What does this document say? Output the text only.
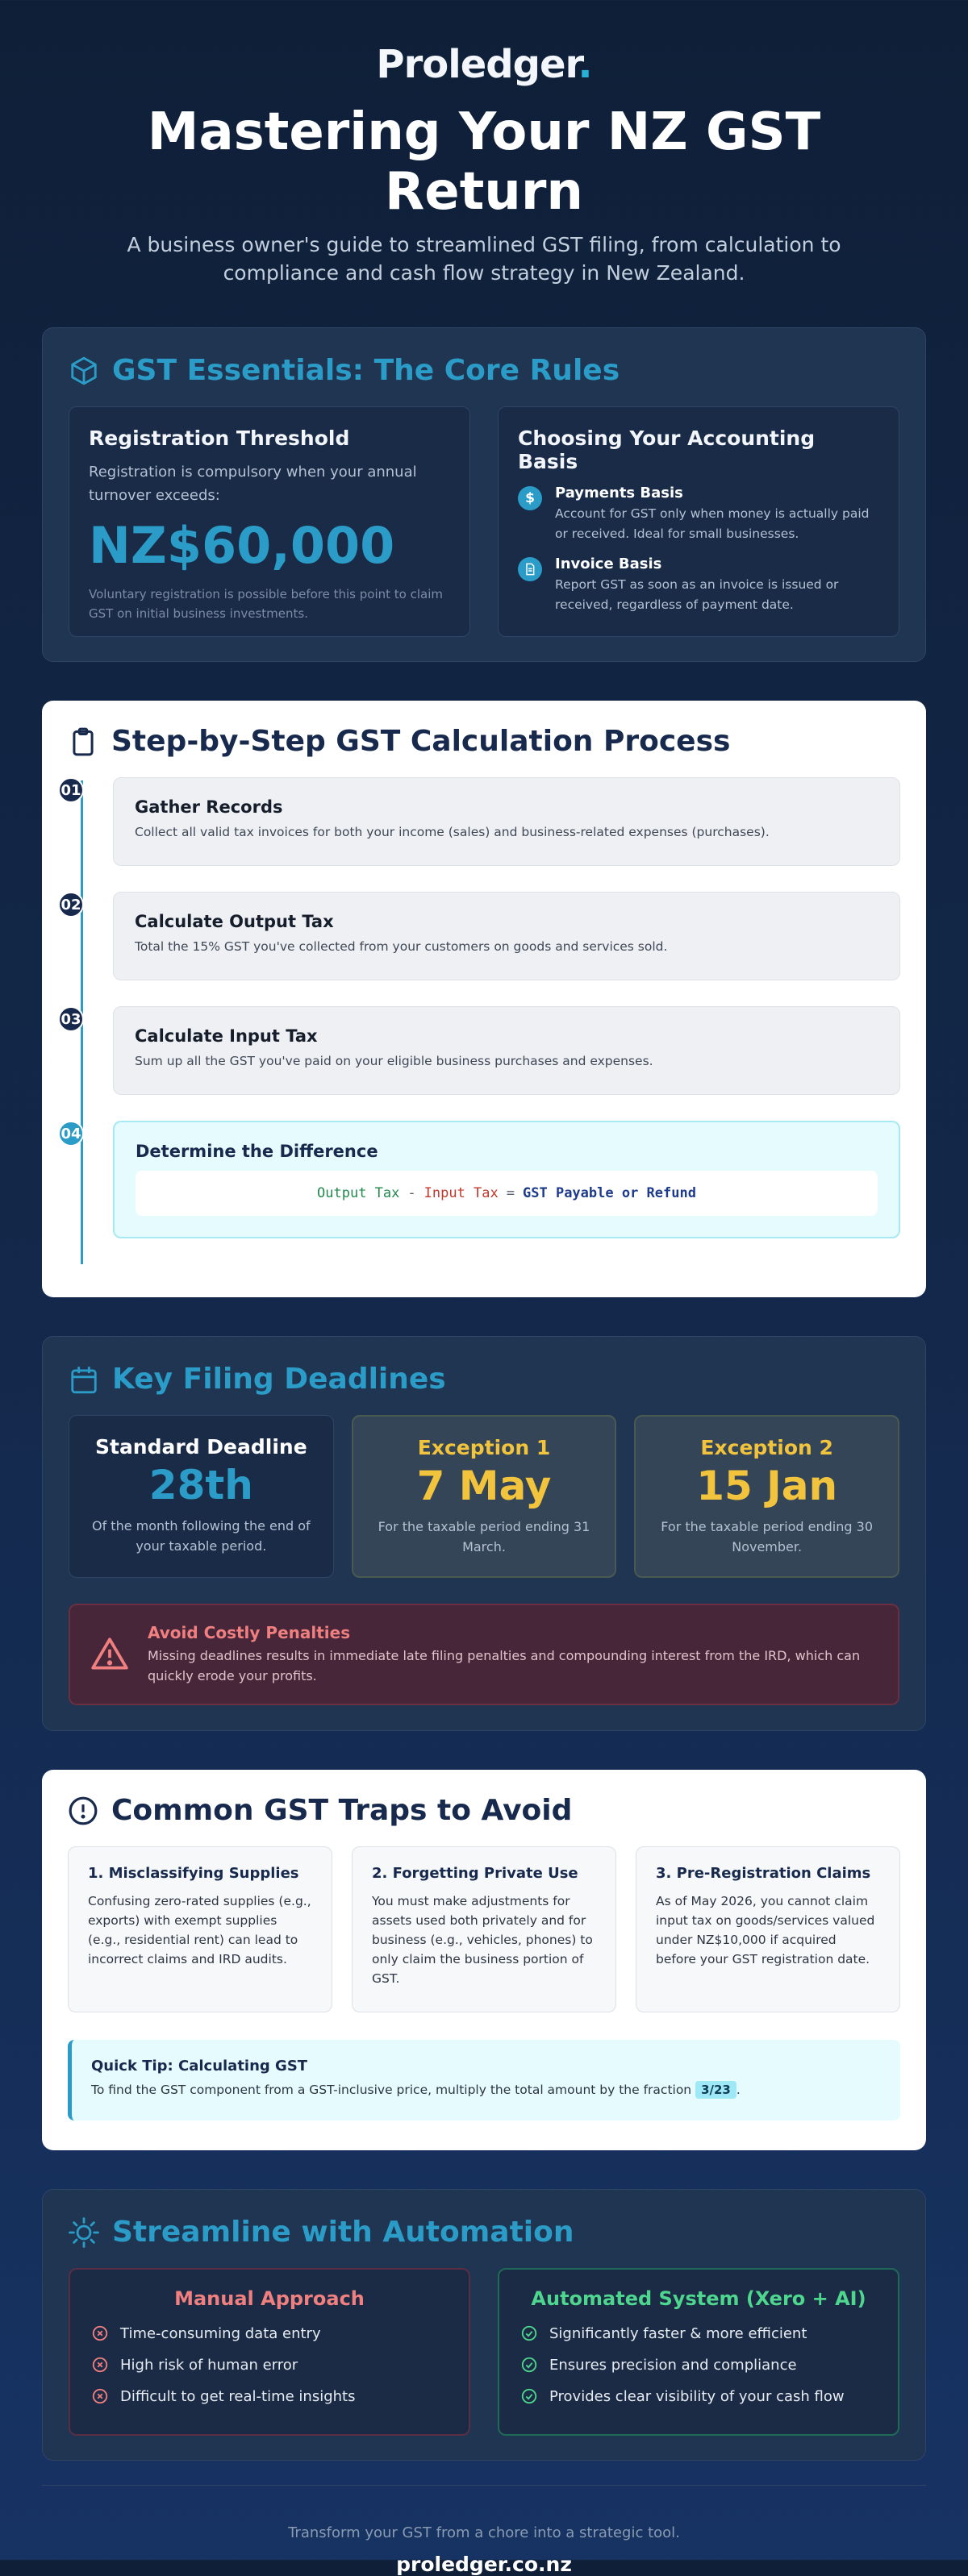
Proledger.
Mastering Your NZ GST Return

A business owner's guide to streamlined GST filing, from calculation to compliance and cash flow strategy in New Zealand.

GST Essentials: The Core Rules
Registration Threshold

Registration is compulsory when your annual turnover exceeds:

NZ$60,000

Voluntary registration is possible before this point to claim GST on initial business investments.

Choosing Your Accounting Basis
$	Payments Basis

Account for GST only when money is actually paid or received. Ideal for small businesses.

Invoice Basis

Report GST as soon as an invoice is issued or received, regardless of payment date.

Step-by-Step GST Calculation Process
01
Gather Records

Collect all valid tax invoices for both your income (sales) and business-related expenses (purchases).

02
Calculate Output Tax

Total the 15% GST you've collected from your customers on goods and services sold.

03
Calculate Input Tax

Sum up all the GST you've paid on your eligible business purchases and expenses.

04
Determine the Difference
Output Tax - Input Tax = GST Payable or Refund
Key Filing Deadlines
Standard Deadline
28th

Of the month following the end of your taxable period.

Exception 1
7 May

For the taxable period ending 31 March.

Exception 2
15 Jan

For the taxable period ending 30 November.

Avoid Costly Penalties

Missing deadlines results in immediate late filing penalties and compounding interest from the IRD, which can quickly erode your profits.

Common GST Traps to Avoid
1. Misclassifying Supplies

Confusing zero-rated supplies (e.g., exports) with exempt supplies (e.g., residential rent) can lead to incorrect claims and IRD audits.

2. Forgetting Private Use

You must make adjustments for assets used both privately and for business (e.g., vehicles, phones) to only claim the business portion of GST.

3. Pre-Registration Claims

As of May 2026, you cannot claim input tax on goods/services valued under NZ$10,000 if acquired before your GST registration date.

Quick Tip: Calculating GST

To find the GST component from a GST-inclusive price, multiply the total amount by the fraction 3/23 .

Streamline with Automation
Manual Approach
Time-consuming data entry
High risk of human error
Difficult to get real-time insights
Automated System (Xero + AI)
Significantly faster & more efficient
Ensures precision and compliance
Provides clear visibility of your cash flow

Transform your GST from a chore into a strategic tool.

proledger.co.nz
